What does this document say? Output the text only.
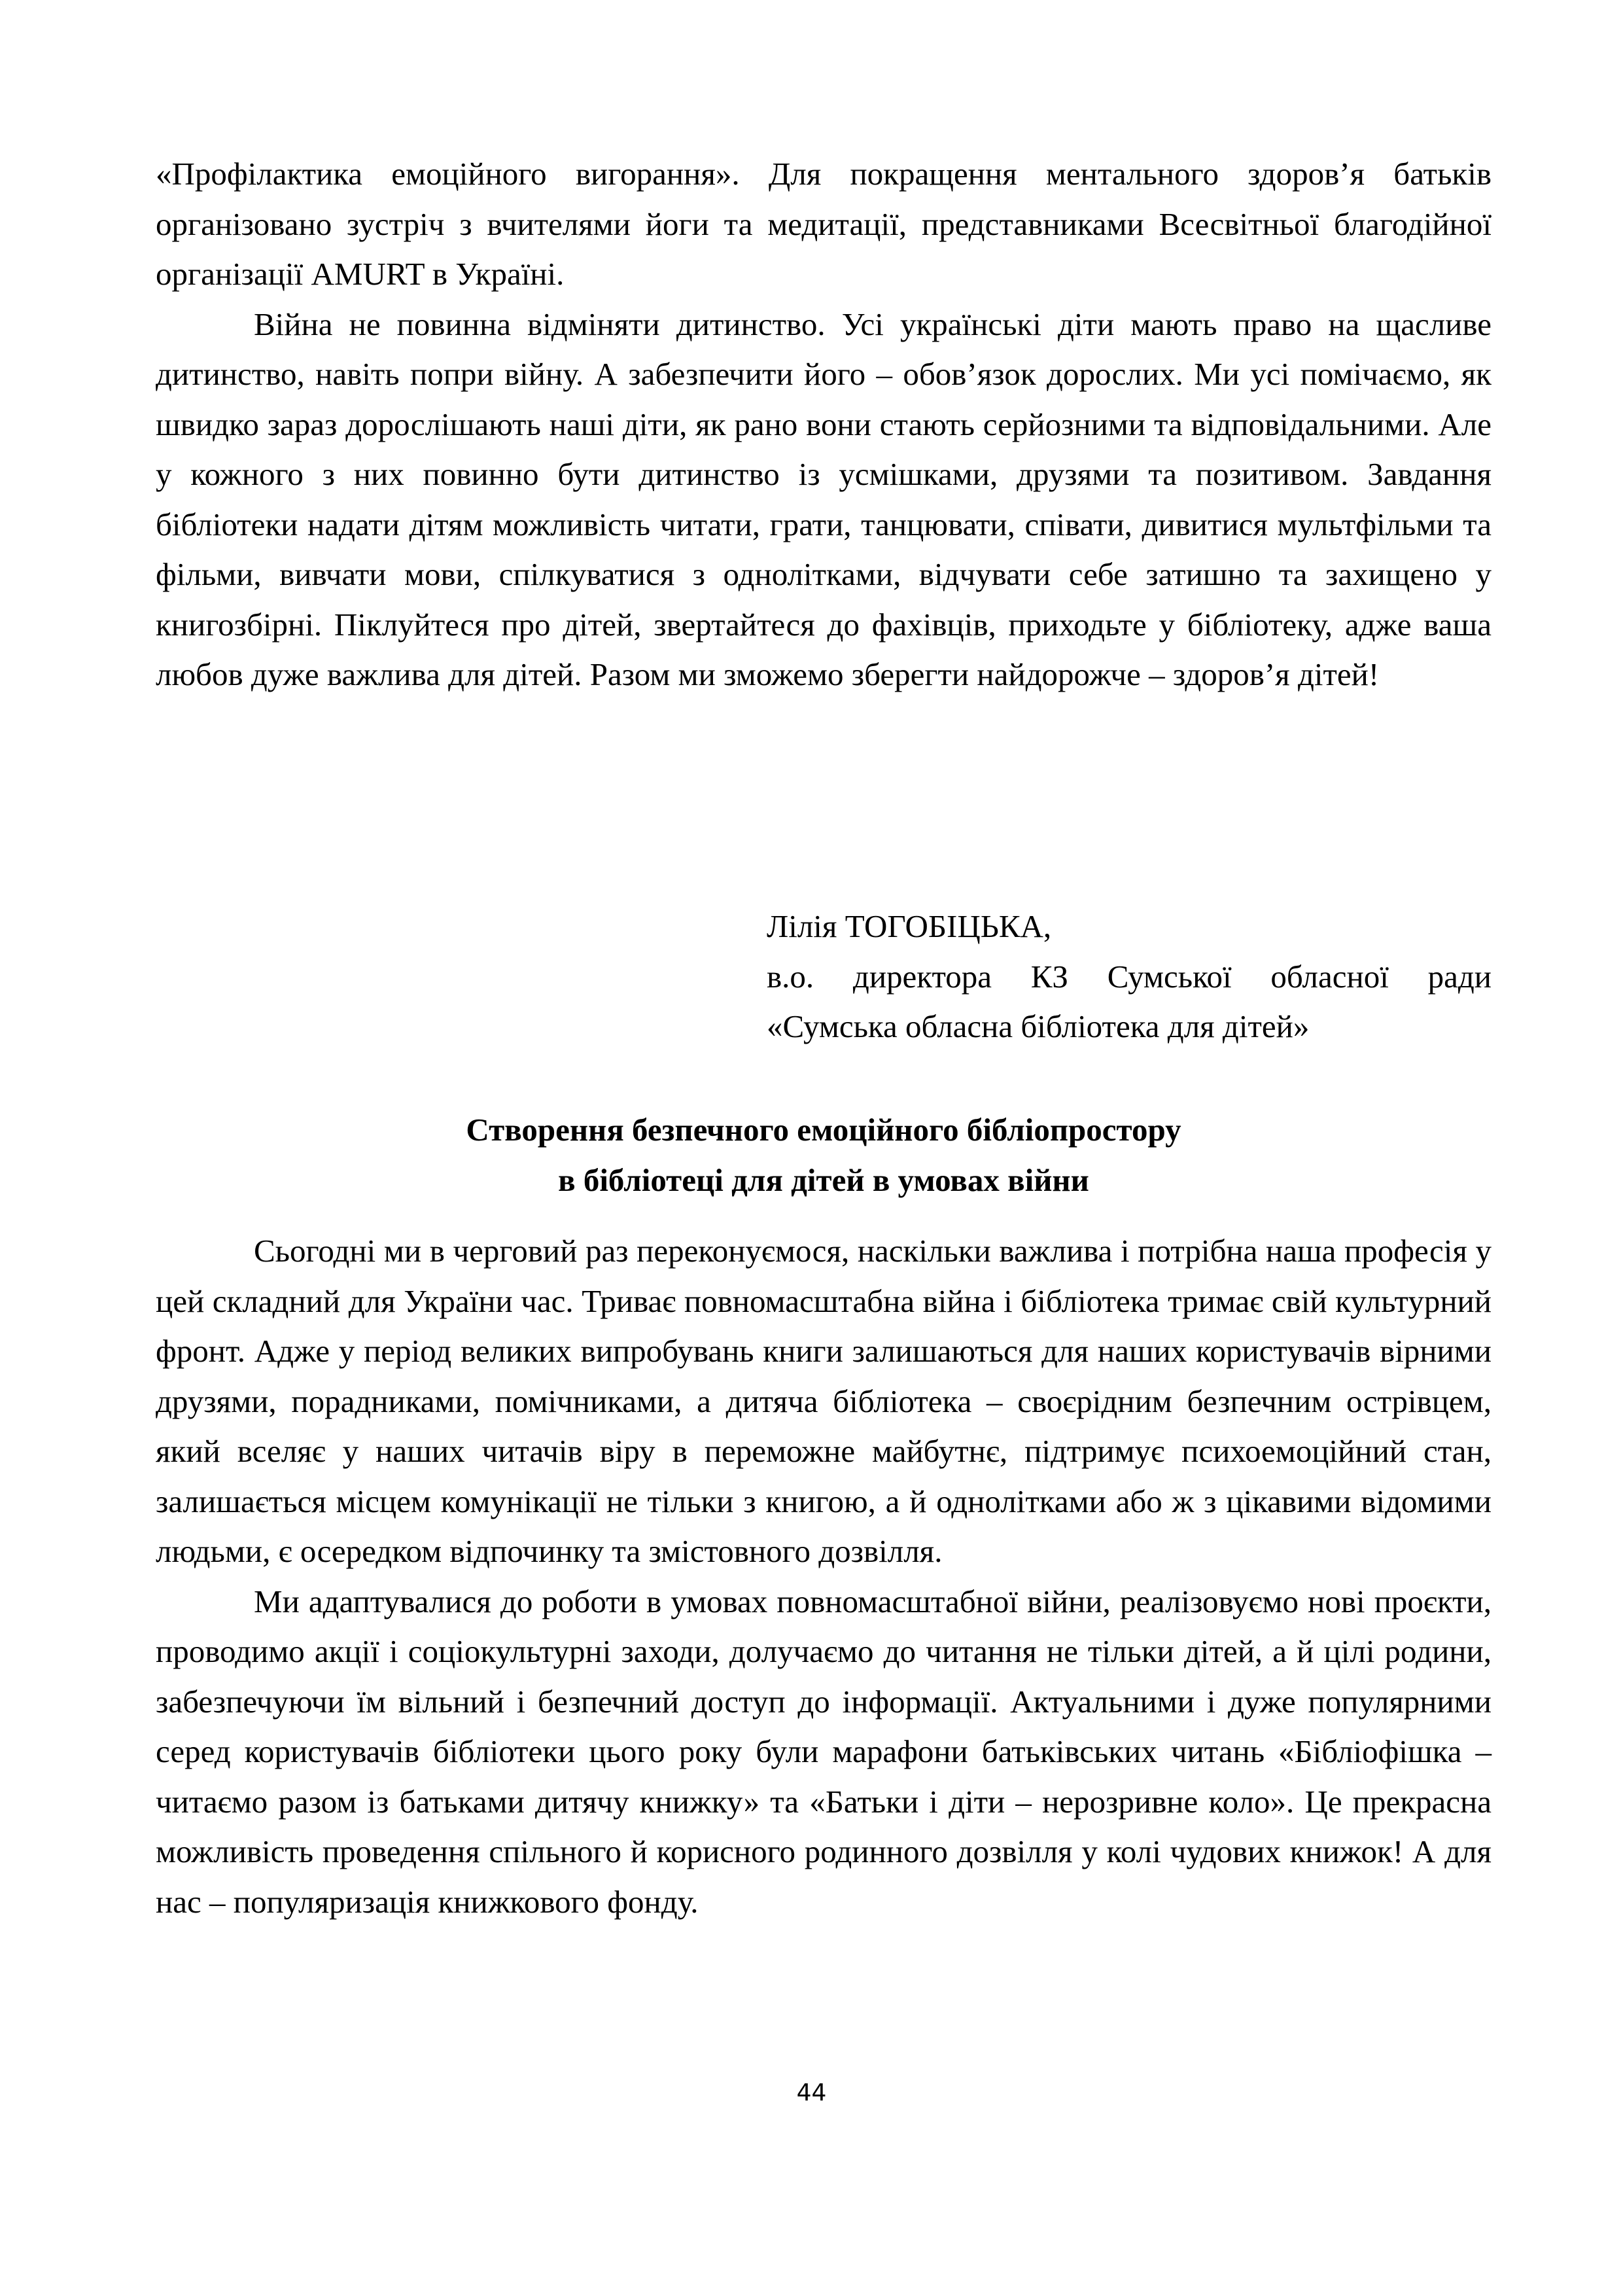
«Профілактика емоційного вигорання». Для покращення ментального здоров’я батьків організовано зустріч з вчителями йоги та медитації, представниками Всесвітньої благодійної організації AMURT в Україні.

Війна не повинна відміняти дитинство. Усі українські діти мають право на щасливе дитинство, навіть попри війну. А забезпечити його – обов’язок дорослих. Ми усі помічаємо, як швидко зараз дорослішають наші діти, як рано вони стають серйозними та відповідальними. Але у кожного з них повинно бути дитинство із усмішками, друзями та позитивом. Завдання бібліотеки надати дітям можливість читати, грати, танцювати, співати, дивитися мультфільми та фільми, вивчати мови, спілкуватися з однолітками, відчувати себе затишно та захищено у книгозбірні. Піклуйтеся про дітей, звертайтеся до фахівців, приходьте у бібліотеку, адже ваша любов дуже важлива для дітей. Разом ми зможемо зберегти найдорожче – здоров’я дітей!

Лілія ТОГОБІЦЬКА,

в.о. директора КЗ Сумської обласної ради

«Сумська обласна бібліотека для дітей»

Створення безпечного емоційного бібліопростору

в бібліотеці для дітей в умовах війни

Сьогодні ми в черговий раз переконуємося, наскільки важлива і потрібна наша професія у цей складний для України час. Триває повномасштабна війна і бібліотека тримає свій культурний фронт. Адже у період великих випробувань книги залишаються для наших користувачів вірними друзями, порадниками, помічниками, а дитяча бібліотека – своєрідним безпечним острівцем, який вселяє у наших читачів віру в переможне майбутнє, підтримує психоемоційний стан, залишається місцем комунікації не тільки з книгою, а й однолітками або ж з цікавими відомими людьми, є осередком відпочинку та змістовного дозвілля.

Ми адаптувалися до роботи в умовах повномасштабної війни, реалізовуємо нові проєкти, проводимо акції і соціокультурні заходи, долучаємо до читання не тільки дітей, а й цілі родини, забезпечуючи їм вільний і безпечний доступ до інформації. Актуальними і дуже популярними серед користувачів бібліотеки цього року були марафони батьківських читань «Бібліофішка – читаємо разом із батьками дитячу книжку» та «Батьки і діти – нерозривне коло». Це прекрасна можливість проведення спільного й корисного родинного дозвілля у колі чудових книжок! А для нас – популяризація книжкового фонду.

44
